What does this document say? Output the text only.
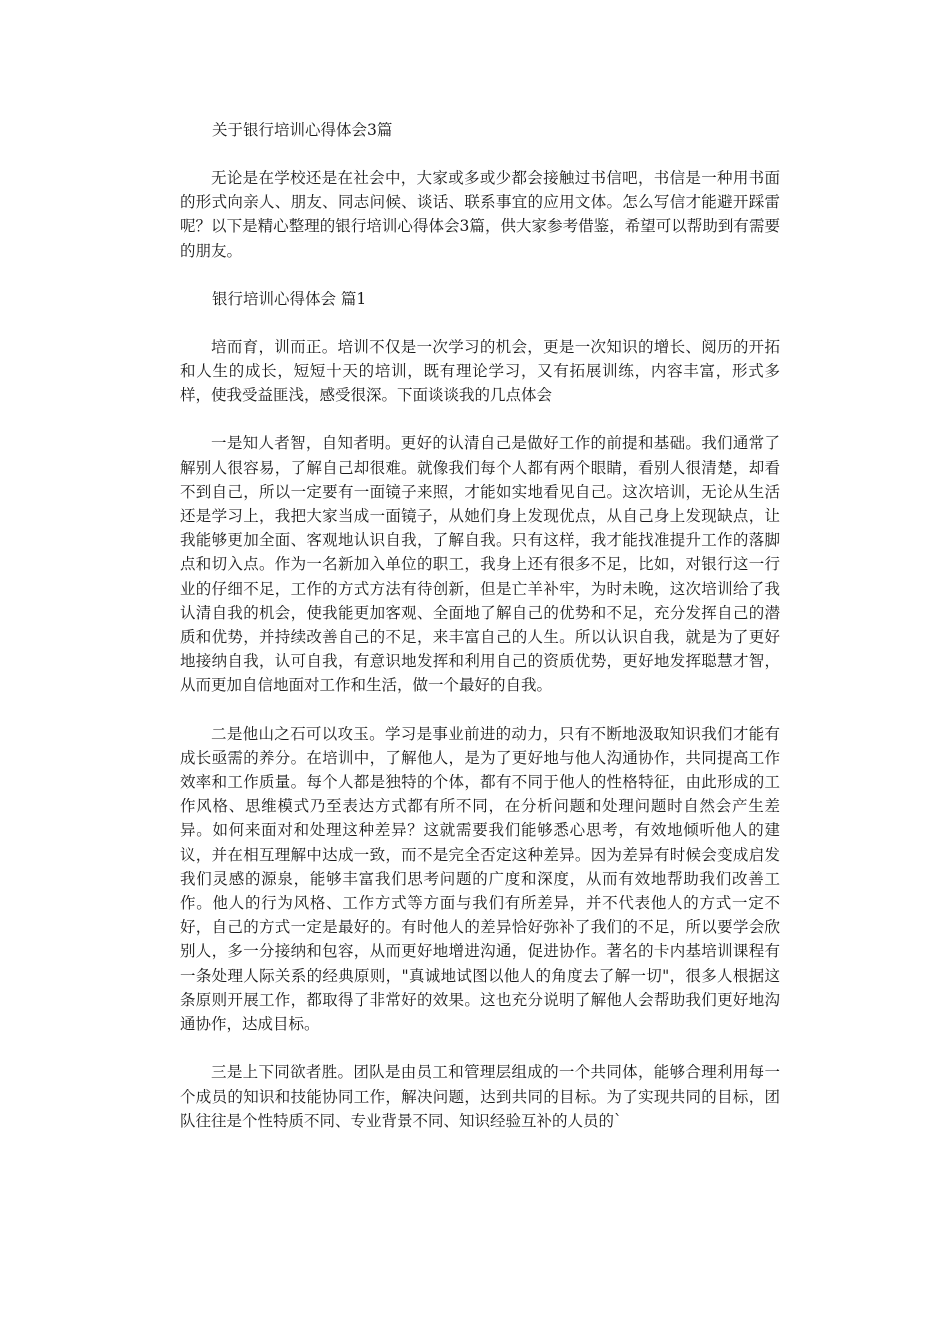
关于银行培训心得体会3篇

无论是在学校还是在社会中，大家或多或少都会接触过书信吧，书信是一种用书面的形式向亲人、朋友、同志问候、谈话、联系事宜的应用文体。怎么写信才能避开踩雷呢？以下是精心整理的银行培训心得体会3篇，供大家参考借鉴，希望可以帮助到有需要的朋友。

银行培训心得体会 篇1

培而育，训而正。培训不仅是一次学习的机会，更是一次知识的增长、阅历的开拓和人生的成长，短短十天的培训，既有理论学习，又有拓展训练，内容丰富，形式多样，使我受益匪浅，感受很深。下面谈谈我的几点体会

一是知人者智，自知者明。更好的认清自己是做好工作的前提和基础。我们通常了解别人很容易，了解自己却很难。就像我们每个人都有两个眼睛，看别人很清楚，却看不到自己，所以一定要有一面镜子来照，才能如实地看见自己。这次培训，无论从生活还是学习上，我把大家当成一面镜子，从她们身上发现优点，从自己身上发现缺点，让我能够更加全面、客观地认识自我，了解自我。只有这样，我才能找准提升工作的落脚点和切入点。作为一名新加入单位的职工，我身上还有很多不足，比如，对银行这一行业的仔细不足，工作的方式方法有待创新，但是亡羊补牢，为时未晚，这次培训给了我认清自我的机会，使我能更加客观、全面地了解自己的优势和不足，充分发挥自己的潜质和优势，并持续改善自己的不足，来丰富自己的人生。所以认识自我，就是为了更好地接纳自我，认可自我，有意识地发挥和利用自己的资质优势，更好地发挥聪慧才智，从而更加自信地面对工作和生活，做一个最好的自我。

二是他山之石可以攻玉。学习是事业前进的动力，只有不断地汲取知识我们才能有成长亟需的养分。在培训中，了解他人，是为了更好地与他人沟通协作，共同提高工作效率和工作质量。每个人都是独特的个体，都有不同于他人的性格特征，由此形成的工作风格、思维模式乃至表达方式都有所不同，在分析问题和处理问题时自然会产生差异。如何来面对和处理这种差异？这就需要我们能够悉心思考，有效地倾听他人的建议，并在相互理解中达成一致，而不是完全否定这种差异。因为差异有时候会变成启发我们灵感的源泉，能够丰富我们思考问题的广度和深度，从而有效地帮助我们改善工作。他人的行为风格、工作方式等方面与我们有所差异，并不代表他人的方式一定不好，自己的方式一定是最好的。有时他人的差异恰好弥补了我们的不足，所以要学会欣别人，多一分接纳和包容，从而更好地增进沟通，促进协作。著名的卡内基培训课程有一条处理人际关系的经典原则，"真诚地试图以他人的角度去了解一切"，很多人根据这条原则开展工作，都取得了非常好的效果。这也充分说明了解他人会帮助我们更好地沟通协作，达成目标。

三是上下同欲者胜。团队是由员工和管理层组成的一个共同体，能够合理利用每一个成员的知识和技能协同工作，解决问题，达到共同的目标。为了实现共同的目标，团队往往是个性特质不同、专业背景不同、知识经验互补的人员的`
